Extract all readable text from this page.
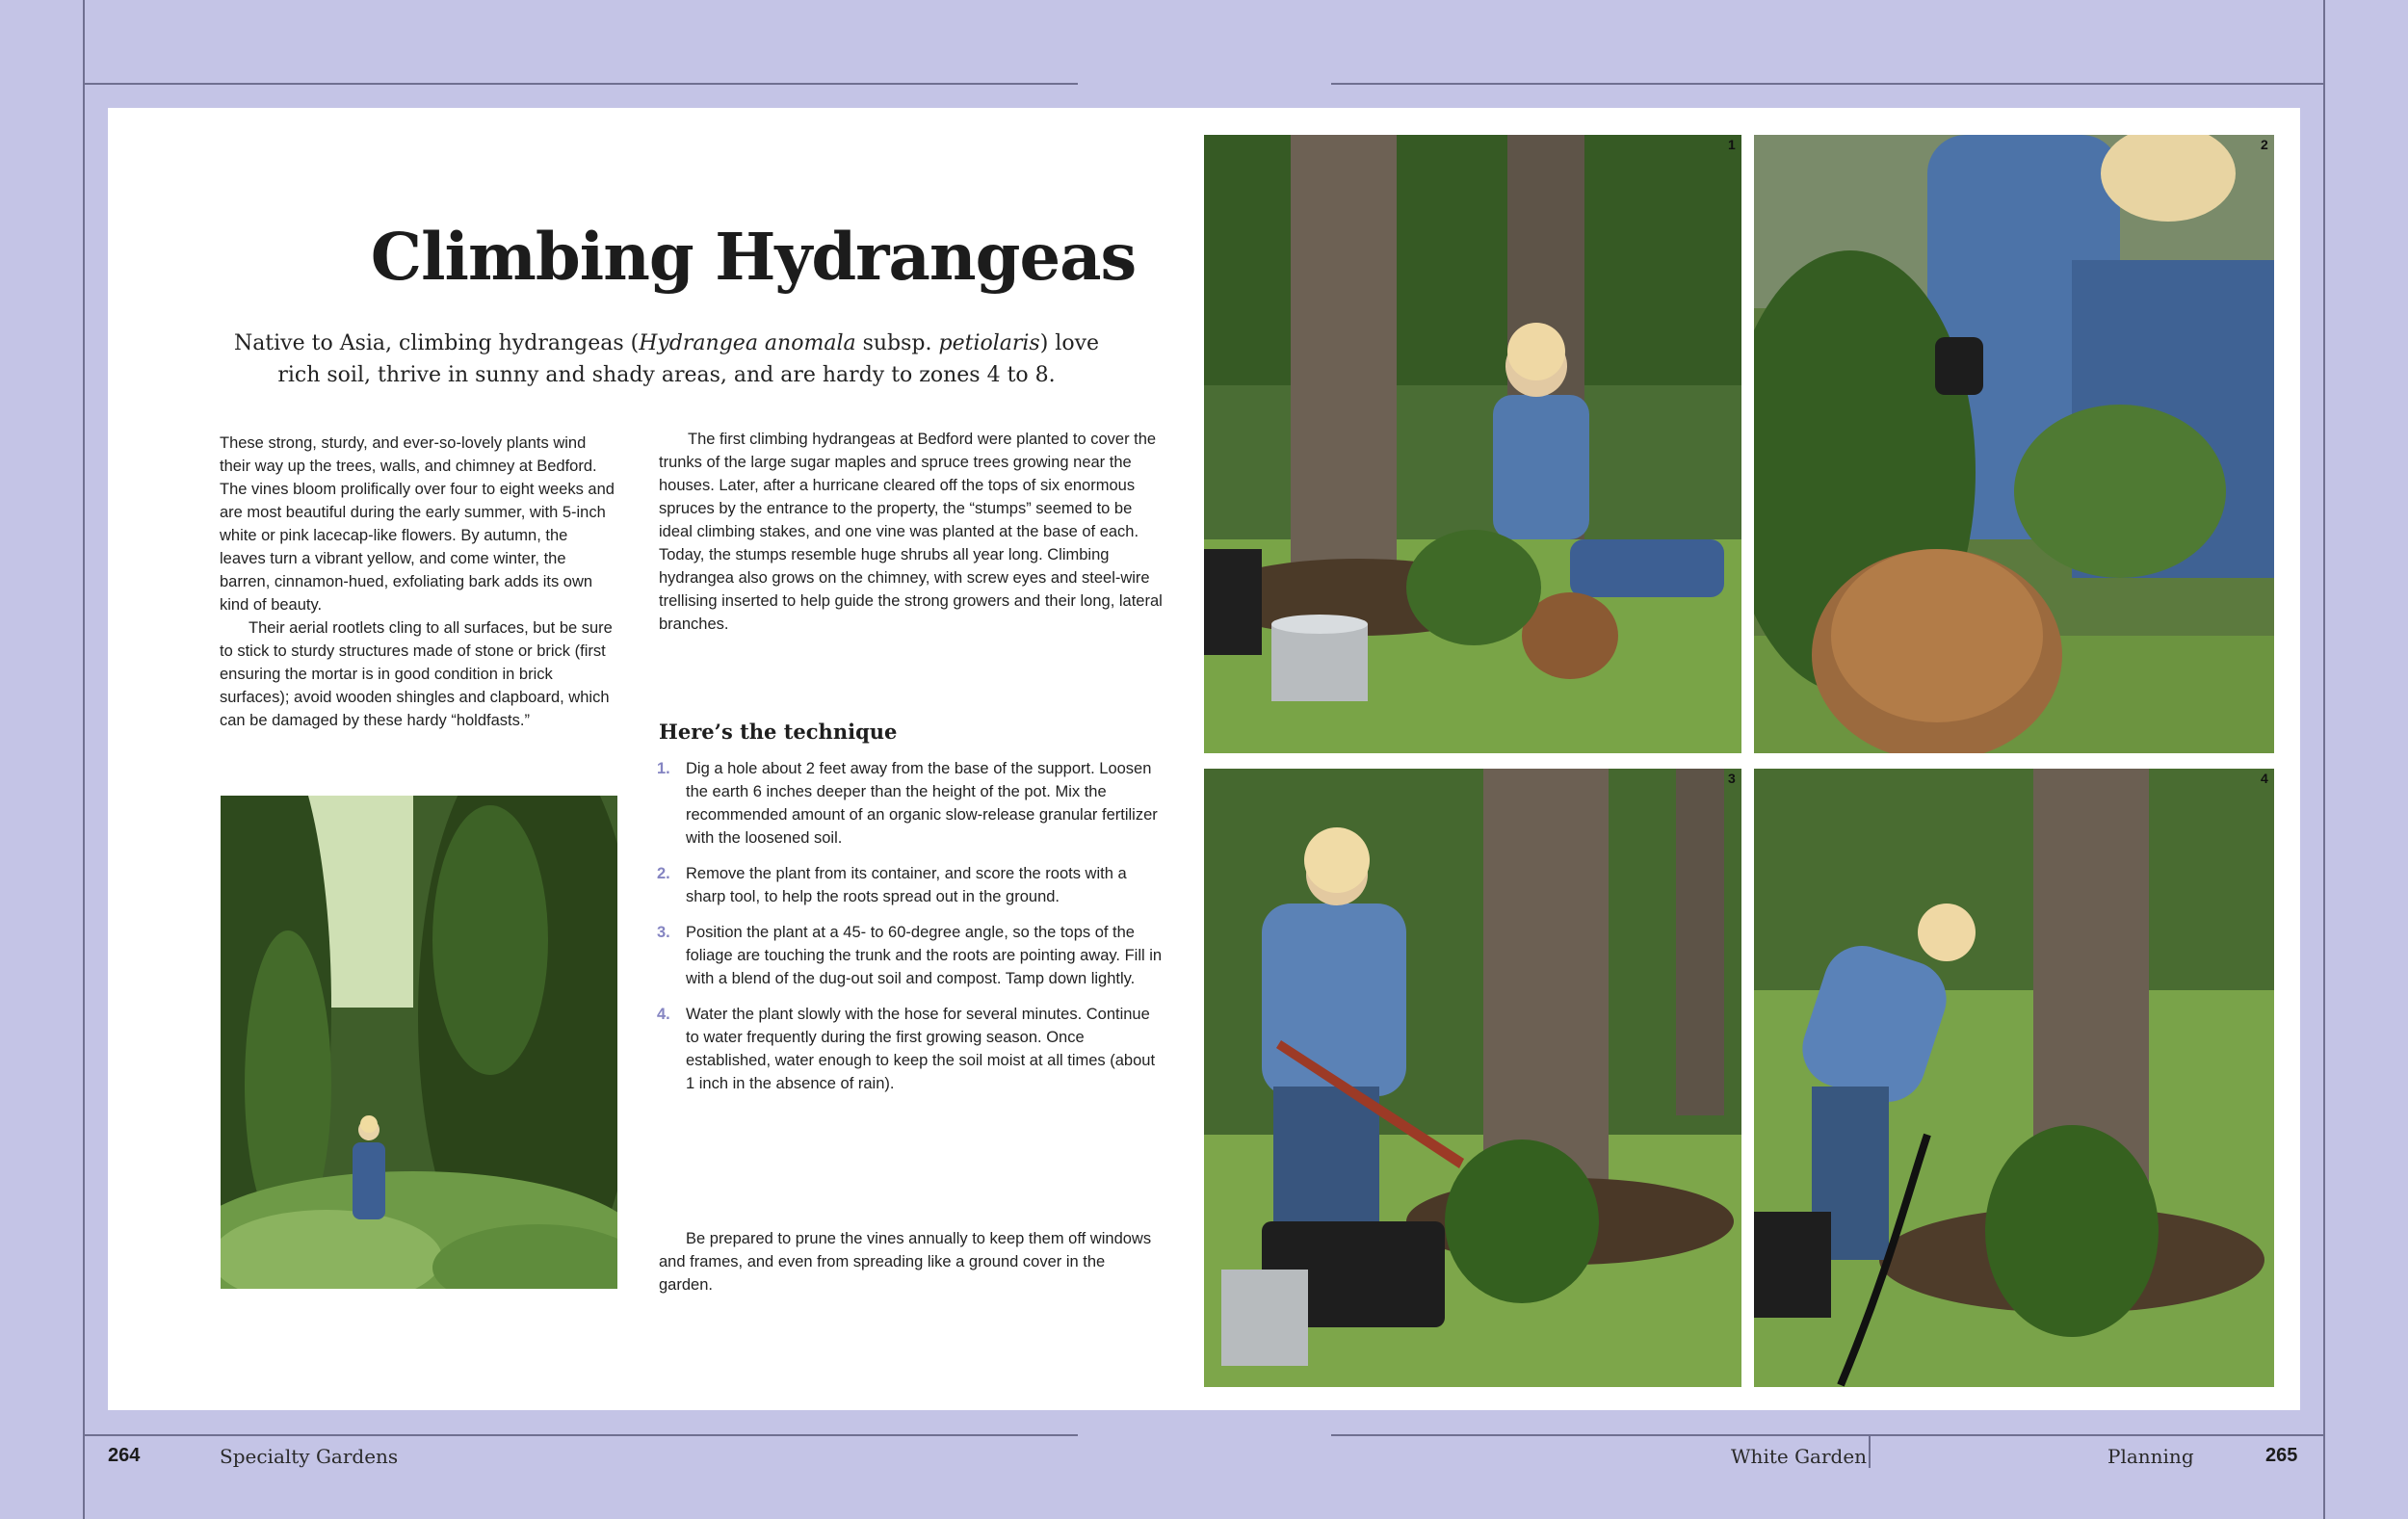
Climbing Hydrangeas

Native to Asia, climbing hydrangeas (Hydrangea anomala subsp. petiolaris) love rich soil, thrive in sunny and shady areas, and are hardy to zones 4 to 8.

These strong, sturdy, and ever-so-lovely plants wind their way up the trees, walls, and chimney at Bedford. The vines bloom prolifically over four to eight weeks and are most beautiful during the early summer, with 5-inch white or pink lacecap-like flowers. By autumn, the leaves turn a vibrant yellow, and come winter, the barren, cinnamon-hued, exfoliating bark adds its own kind of beauty.

Their aerial rootlets cling to all surfaces, but be sure to stick to sturdy structures made of stone or brick (first ensuring the mortar is in good condition in brick surfaces); avoid wooden shingles and clapboard, which can be damaged by these hardy “holdfasts.”

The first climbing hydrangeas at Bedford were planted to cover the trunks of the large sugar maples and spruce trees growing near the houses. Later, after a hurricane cleared off the tops of six enormous spruces by the entrance to the property, the “stumps” seemed to be ideal climbing stakes, and one vine was planted at the base of each. Today, the stumps resemble huge shrubs all year long. Climbing hydrangea also grows on the chimney, with screw eyes and steel-wire trellising inserted to help guide the strong growers and their long, lateral branches.

Here’s the technique
1. Dig a hole about 2 feet away from the base of the support. Loosen the earth 6 inches deeper than the height of the pot. Mix the recommended amount of an organic slow-release granular fertilizer with the loosened soil.
2. Remove the plant from its container, and score the roots with a sharp tool, to help the roots spread out in the ground.
3. Position the plant at a 45- to 60-degree angle, so the tops of the foliage are touching the trunk and the roots are pointing away. Fill in with a blend of the dug-out soil and compost. Tamp down lightly.
4. Water the plant slowly with the hose for several minutes. Continue to water frequently during the first growing season. Once established, water enough to keep the soil moist at all times (about 1 inch in the absence of rain).

Be prepared to prune the vines annually to keep them off windows and frames, and even from spreading like a ground cover in the garden.

1	2
3	4
264	Specialty Gardens	White Garden	Planning	265
